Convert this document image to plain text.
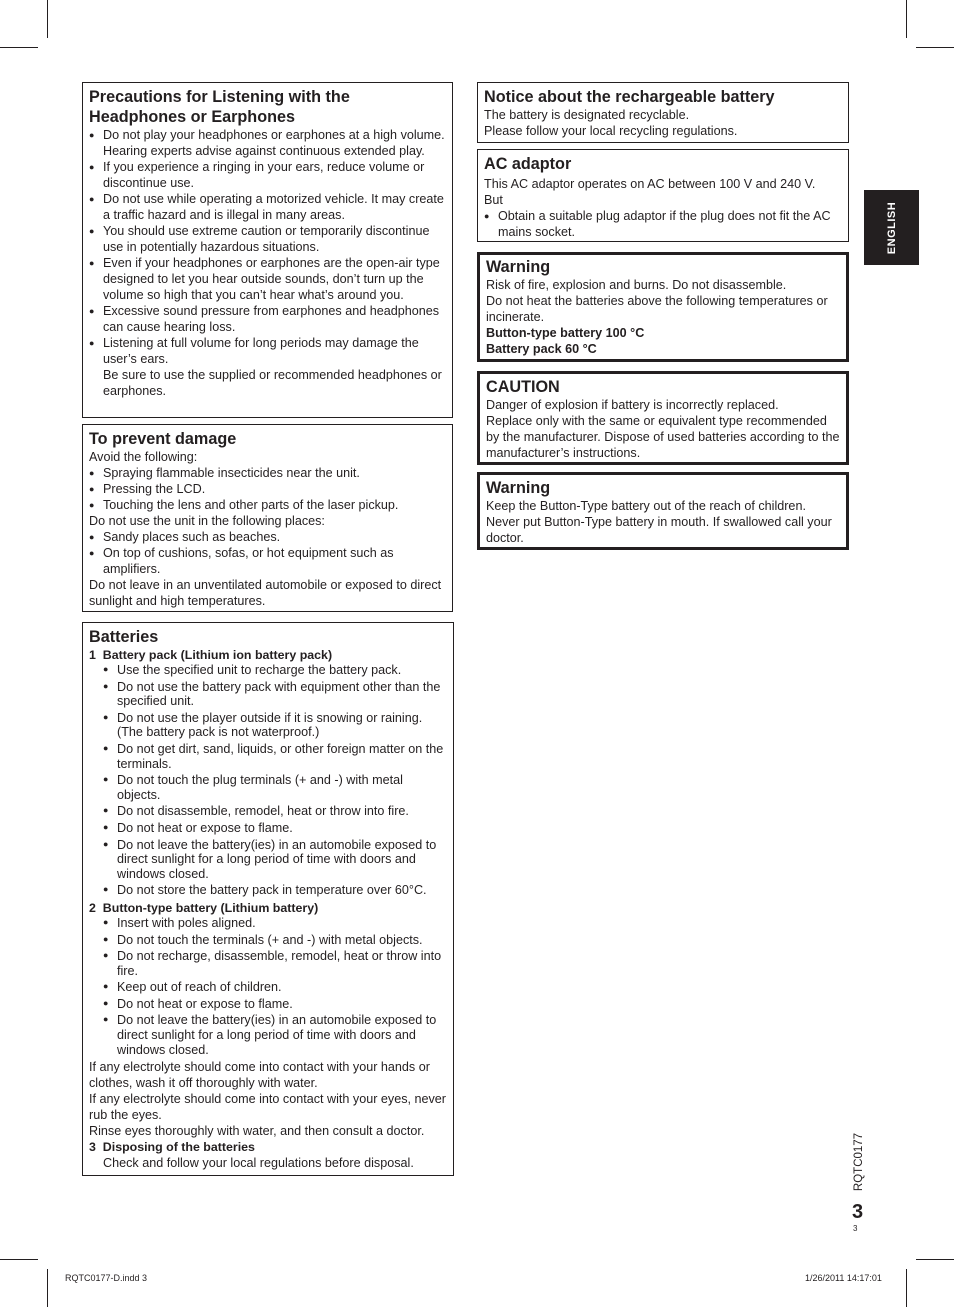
Precautions for Listening with the
Headphones or Earphones

● Do not play your headphones or earphones at a high volume. Hearing experts advise against continuous extended play.
● If you experience a ringing in your ears, reduce volume or discontinue use.
● Do not use while operating a motorized vehicle. It may create a traffic hazard and is illegal in many areas.
● You should use extreme caution or temporarily discontinue use in potentially hazardous situations.
● Even if your headphones or earphones are the open-air type designed to let you hear outside sounds, don’t turn up the volume so high that you can’t hear what’s around you.
● Excessive sound pressure from earphones and headphones can cause hearing loss.
● Listening at full volume for long periods may damage the user’s ears.

Be sure to use the supplied or recommended headphones or earphones.

To prevent damage

Avoid the following:

● Spraying flammable insecticides near the unit.
● Pressing the LCD.
● Touching the lens and other parts of the laser pickup.

Do not use the unit in the following places:

● Sandy places such as beaches.
● On top of cushions, sofas, or hot equipment such as amplifiers.

Do not leave in an unventilated automobile or exposed to direct sunlight and high temperatures.

Batteries

1 Battery pack (Lithium ion battery pack)

● Use the specified unit to recharge the battery pack.
● Do not use the battery pack with equipment other than the specified unit.
● Do not use the player outside if it is snowing or raining. (The battery pack is not waterproof.)
● Do not get dirt, sand, liquids, or other foreign matter on the terminals.
● Do not touch the plug terminals (+ and -) with metal objects.
● Do not disassemble, remodel, heat or throw into fire.
● Do not heat or expose to flame.
● Do not leave the battery(ies) in an automobile exposed to direct sunlight for a long period of time with doors and windows closed.
● Do not store the battery pack in temperature over 60°C.

2 Button-type battery (Lithium battery)

● Insert with poles aligned.
● Do not touch the terminals (+ and -) with metal objects.
● Do not recharge, disassemble, remodel, heat or throw into fire.
● Keep out of reach of children.
● Do not heat or expose to flame.
● Do not leave the battery(ies) in an automobile exposed to direct sunlight for a long period of time with doors and windows closed.

If any electrolyte should come into contact with your hands or clothes, wash it off thoroughly with water.

If any electrolyte should come into contact with your eyes, never rub the eyes.

Rinse eyes thoroughly with water, and then consult a doctor.

3 Disposing of the batteries

Check and follow your local regulations before disposal.

Notice about the rechargeable battery

The battery is designated recyclable.

Please follow your local recycling regulations.

AC adaptor

This AC adaptor operates on AC between 100 V and 240 V.

But

● Obtain a suitable plug adaptor if the plug does not fit the AC mains socket.

Warning

Risk of fire, explosion and burns. Do not disassemble.

Do not heat the batteries above the following temperatures or incinerate.

Button-type battery 100 °C

Battery pack 60 °C

CAUTION

Danger of explosion if battery is incorrectly replaced.

Replace only with the same or equivalent type recommended by the manufacturer. Dispose of used batteries according to the manufacturer’s instructions.

Warning

Keep the Button-Type battery out of the reach of children.

Never put Button-Type battery in mouth. If swallowed call your doctor.

ENGLISH
RQTC0177
3
3
RQTC0177-D.indd 3	1/26/2011 14:17:01
